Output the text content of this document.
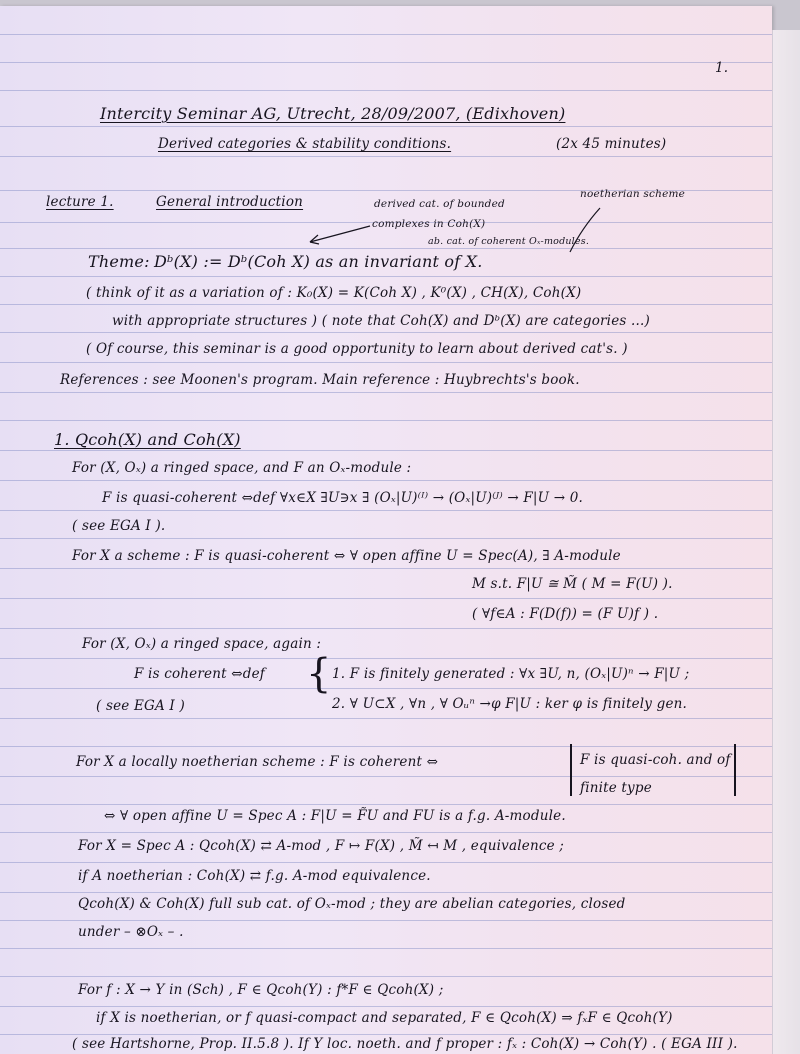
1.
Intercity Seminar AG, Utrecht, 28/09/2007, (Edixhoven)
Derived categories & stability conditions.	(2x 45 minutes)
lecture 1.	General introduction	derived cat. of bounded
complexes in Coh(X)
ab. cat. of coherent Oₓ-modules.
noetherian scheme
Theme: Dᵇ(X) := Dᵇ(Coh X) as an invariant of X.
( think of it as a variation of : K₀(X) = K(Coh X) , K⁰(X) , CH(X), Coh(X)
with appropriate structures ) ( note that Coh(X) and Dᵇ(X) are categories ...)
( Of course, this seminar is a good opportunity to learn about derived cat's. )
References : see Moonen's program. Main reference : Huybrechts's book.
1. Qcoh(X) and Coh(X)
For (X, Oₓ) a ringed space, and F an Oₓ-module :
F is quasi-coherent ⇔def ∀x∈X ∃U∋x ∃ (Oₓ|U)⁽ᴵ⁾ → (Oₓ|U)⁽ᴶ⁾ → F|U → 0.
( see EGA I ).
For X a scheme : F is quasi-coherent ⇔ ∀ open affine U = Spec(A), ∃ A-module
M s.t. F|U ≅ M̃ ( M = F(U) ).
( ∀f∈A : F(D(f)) = (F U)f ) .
For (X, Oₓ) a ringed space, again :
F is coherent ⇔def { 1. F is finitely generated : ∀x ∃U, n, (Oₓ|U)ⁿ → F|U ;
2. ∀ U⊂X , ∀n , ∀ Oᵤⁿ →φ F|U : ker φ is finitely gen.
( see EGA I )
For X a locally noetherian scheme : F is coherent ⇔	F is quasi-coh. and of
finite type
⇔ ∀ open affine U = Spec A : F|U = F̃U and FU is a f.g. A-module.
For X = Spec A : Qcoh(X) ⇄ A-mod , F ↦ F(X) , M̃ ↤ M , equivalence ;
if A noetherian : Coh(X) ⇄ f.g. A-mod equivalence.
Qcoh(X) & Coh(X) full sub cat. of Oₓ-mod ; they are abelian categories, closed
under – ⊗Oₓ – .
For f : X → Y in (Sch) , F ∈ Qcoh(Y) : f*F ∈ Qcoh(X) ;
if X is noetherian, or f quasi-compact and separated, F ∈ Qcoh(X) ⇒ fₓF ∈ Qcoh(Y)
( see Hartshorne, Prop. II.5.8 ). If Y loc. noeth. and f proper : fₓ : Coh(X) → Coh(Y) . ( EGA III ).
